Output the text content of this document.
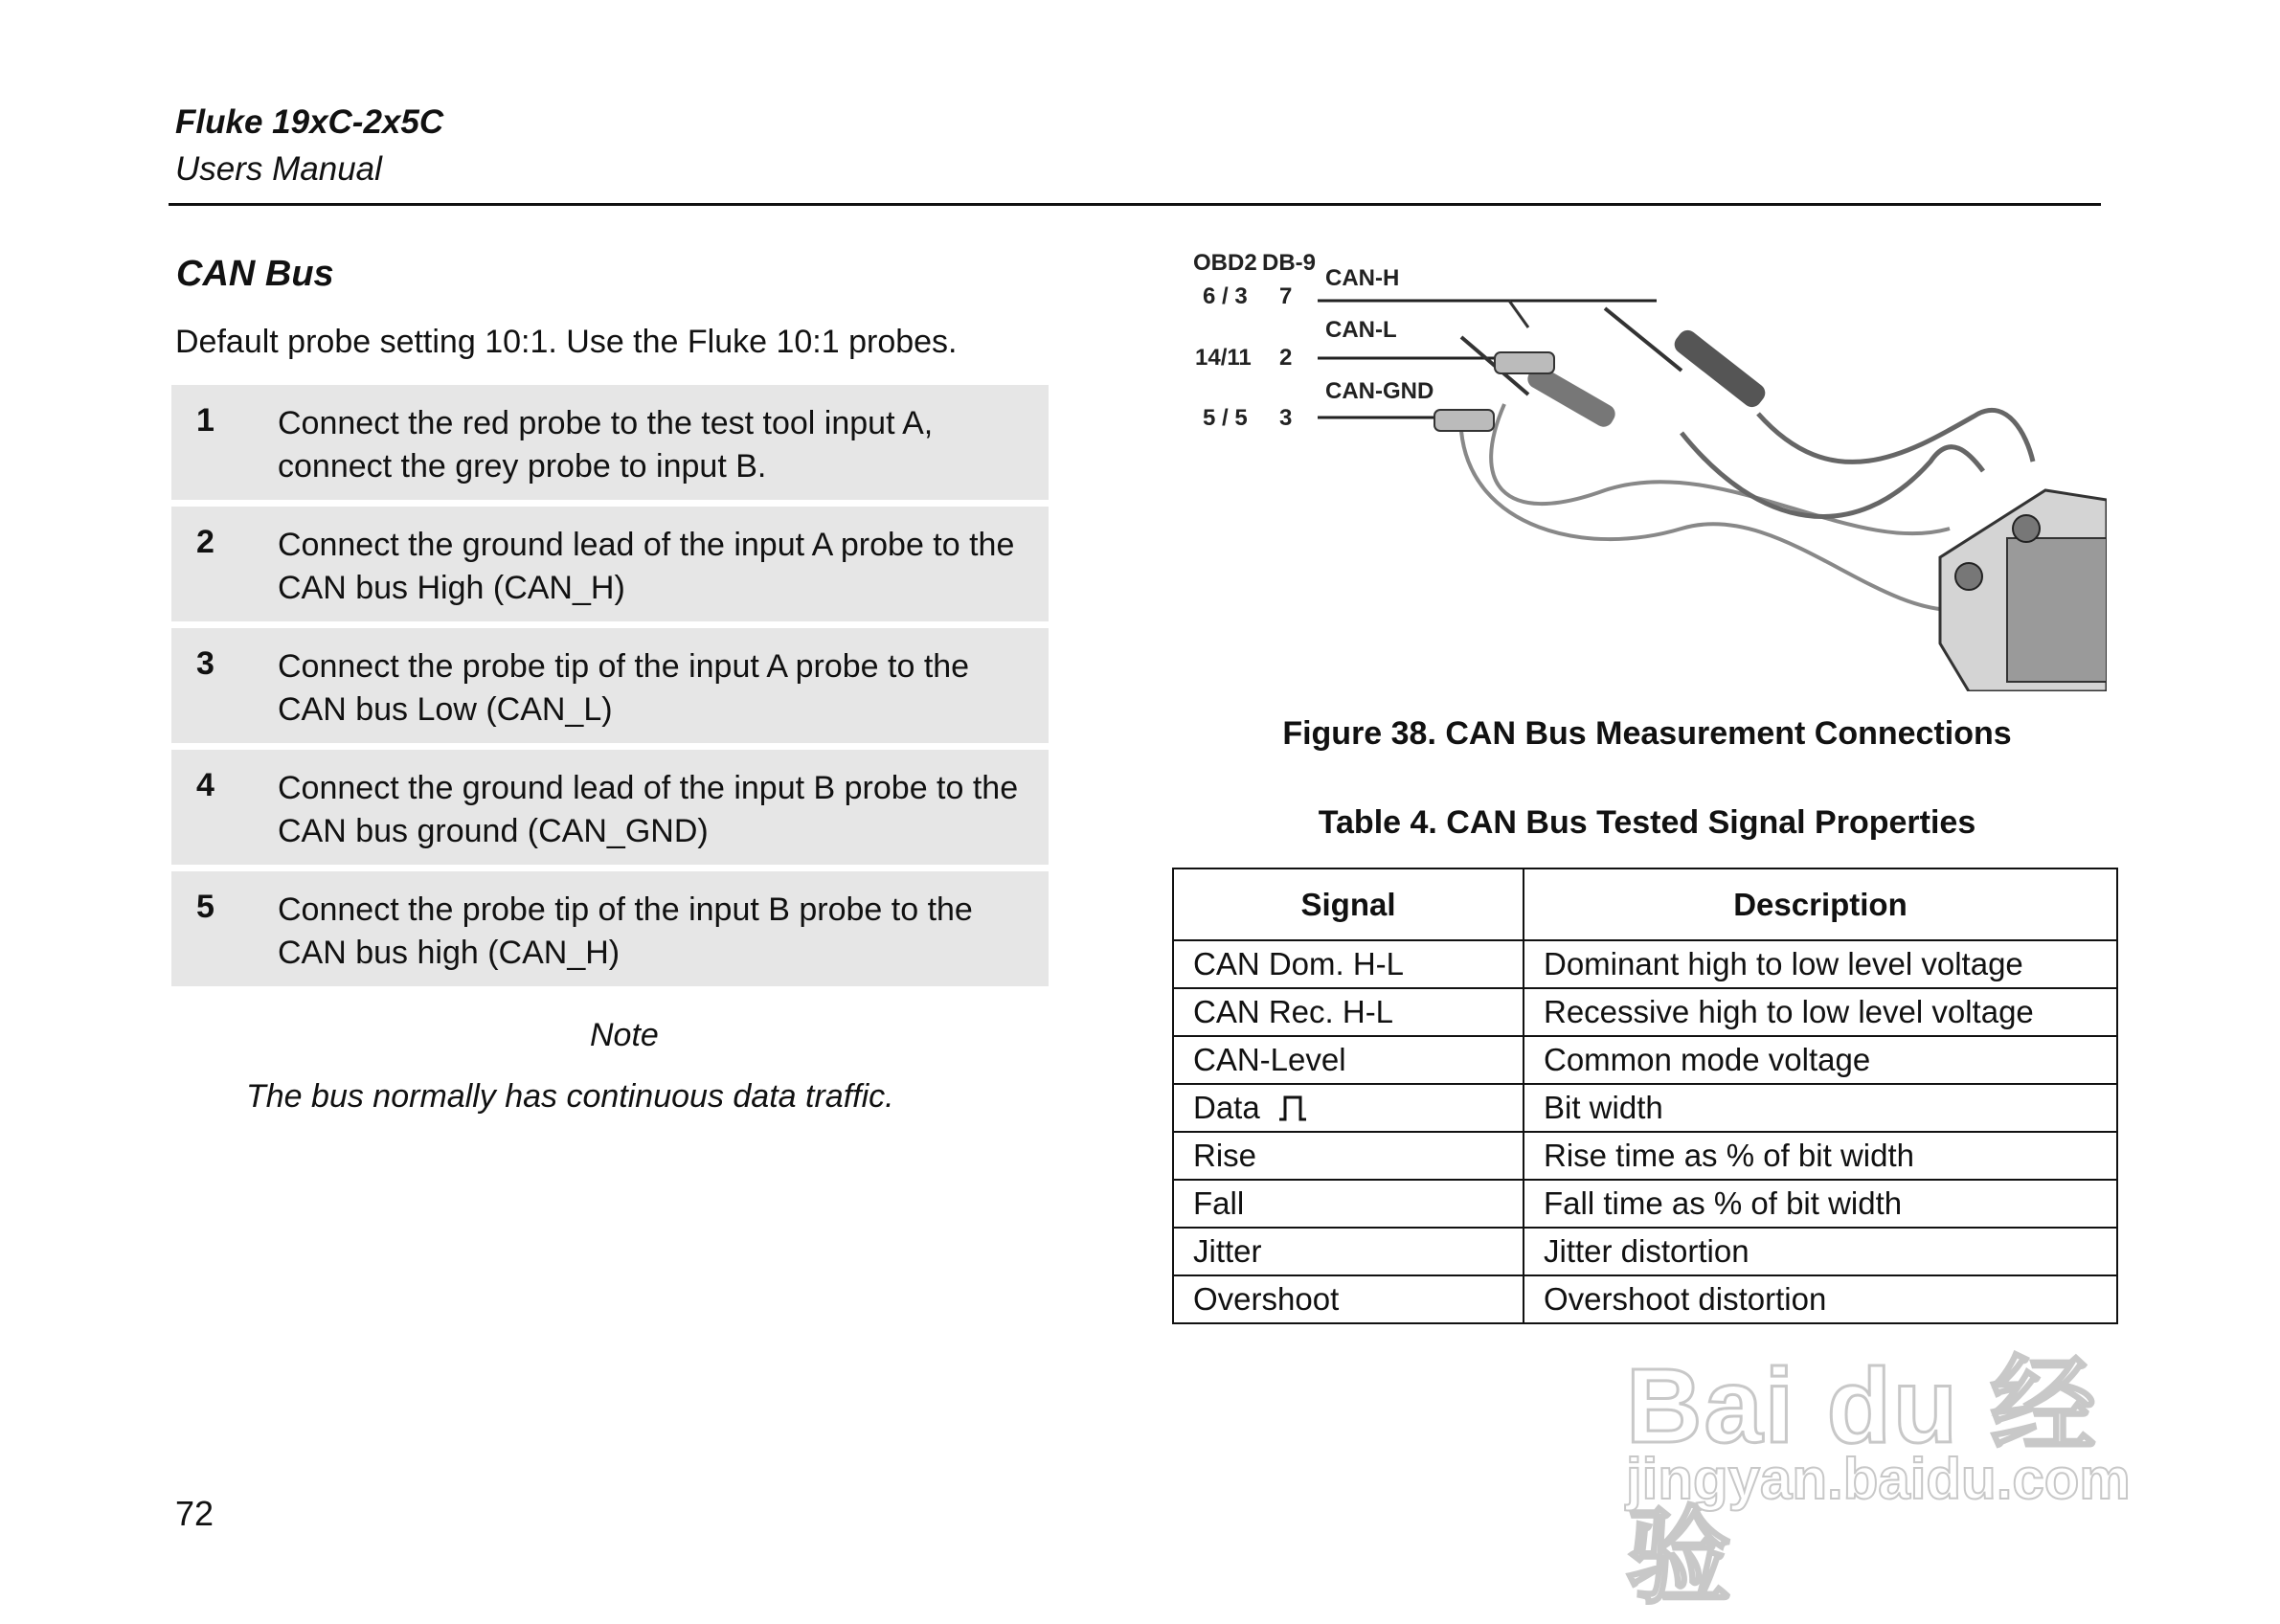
Fluke 19xC-2x5C
Users Manual
CAN Bus
Default probe setting 10:1. Use the Fluke 10:1 probes.
1 Connect the red probe to the test tool input A, connect the grey probe to input B.
2 Connect the ground lead of the input A probe to the CAN bus High (CAN_H)
3 Connect the probe tip of the input A probe to the CAN bus Low (CAN_L)
4 Connect the ground lead of the input B probe to the CAN bus ground (CAN_GND)
5 Connect the probe tip of the input B probe to the CAN bus high (CAN_H)
Note
The bus normally has continuous data traffic.
OBD2 DB-9
6 / 3 7
CAN-H
14/11 2
CAN-L
5 / 5 3
CAN-GND
Figure 38. CAN Bus Measurement Connections
Table 4. CAN Bus Tested Signal Properties
Signal	Description
CAN Dom. H-L	Dominant high to low level voltage
CAN Rec. H-L	Recessive high to low level voltage
CAN-Level	Common mode voltage
Data	Bit width
Rise	Rise time as % of bit width
Fall	Fall time as % of bit width
Jitter	Jitter distortion
Overshoot	Overshoot distortion
72
Bai du 经验
jingyan.baidu.com
